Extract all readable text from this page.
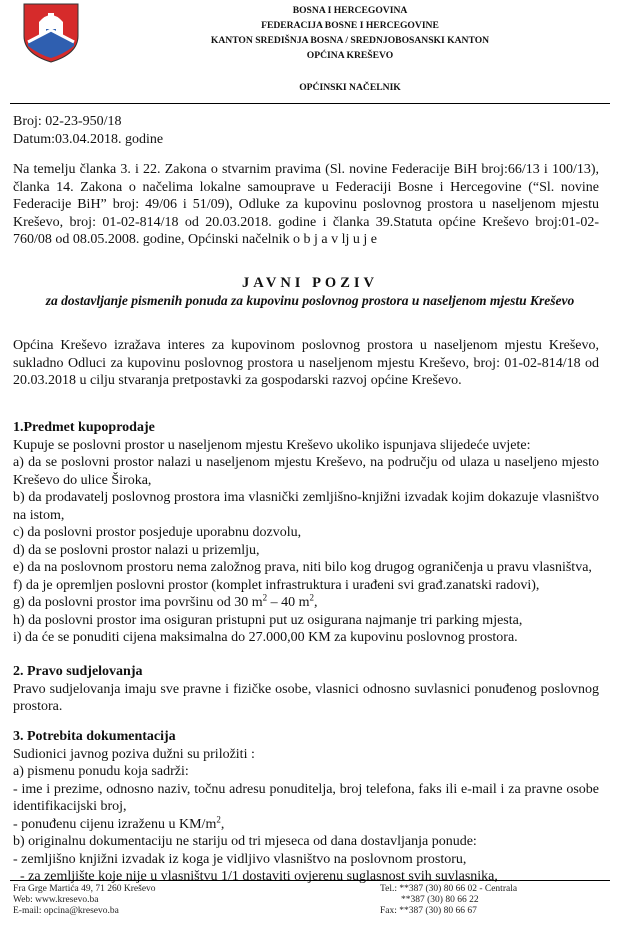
BOSNA I HERCEGOVINA
FEDERACIJA BOSNE I HERCEGOVINE
KANTON SREDIŠNJA BOSNA / SREDNJOBOSANSKI KANTON
OPĆINA KREŠEVO
OPĆINSKI NAČELNIK
Broj: 02-23-950/18
Datum:03.04.2018. godine
Na temelju članka 3. i 22. Zakona o stvarnim pravima (Sl. novine Federacije BiH broj:66/13 i 100/13), članka 14. Zakona o načelima lokalne samouprave u Federaciji Bosne i Hercegovine (“Sl. novine Federacije BiH” broj: 49/06 i 51/09), Odluke za kupovinu poslovnog prostora u naseljenom mjestu Kreševo, broj: 01-02-814/18 od 20.03.2018. godine i članka 39.Statuta općine Kreševo broj:01-02-760/08 od 08.05.2008. godine, Općinski načelnik o b j a v lj u j e
JAVNI POZIV
za dostavljanje pismenih ponuda za kupovinu poslovnog prostora u naseljenom mjestu Kreševo
Općina Kreševo izražava interes za kupovinom poslovnog prostora u naseljenom mjestu Kreševo, sukladno Odluci za kupovinu poslovnog prostora u naseljenom mjestu Kreševo, broj: 01-02-814/18 od 20.03.2018 u cilju stvaranja pretpostavki za gospodarski razvoj općine Kreševo.
1.Predmet kupoprodaje
Kupuje se poslovni prostor u naseljenom mjestu Kreševo ukoliko ispunjava slijedeće uvjete:
a) da se poslovni prostor nalazi u naseljenom mjestu Kreševo, na području od ulaza u naseljeno mjesto Kreševo do ulice Široka,
b) da prodavatelj poslovnog prostora ima vlasnički zemljišno-knjižni izvadak kojim dokazuje vlasništvo na istom,
c) da poslovni prostor posjeduje uporabnu dozvolu,
d) da se poslovni prostor nalazi u prizemlju,
e) da na poslovnom prostoru nema založnog prava, niti bilo kog drugog ograničenja u pravu vlasništva,
f) da je opremljen poslovni prostor (komplet infrastruktura i urađeni svi građ.zanatski radovi),
g) da poslovni prostor ima površinu od 30 $m^2 - 40$ $m^2$,
h) da poslovni prostor ima osiguran pristupni put uz osigurana najmanje tri parking mjesta,
i) da će se ponuditi cijena maksimalna do 27.000,00 KM za kupovinu poslovnog prostora.
2. Pravo sudjelovanja
Pravo sudjelovanja imaju sve pravne i fizičke osobe, vlasnici odnosno suvlasnici ponuđenog poslovnog prostora.
3. Potrebita dokumentacija
Sudionici javnog poziva dužni su priložiti :
a) pismenu ponudu koja sadrži:
- ime i prezime, odnosno naziv, točnu adresu ponuditelja, broj telefona, faks ili e-mail i za pravne osobe identifikacijski broj,
- ponuđenu cijenu izraženu u $KM/m^2$,
b) originalnu dokumentaciju ne stariju od tri mjeseca od dana dostavljanja ponude:
- zemljišno knjižni izvadak iz koga je vidljivo vlasništvo na poslovnom prostoru,
- za zemljište koje nije u vlasništvu 1/1 dostaviti ovjerenu suglasnost svih suvlasnika,
Fra Grge Martića 49, 71 260 Kreševo
Web: www.kresevo.ba
E-mail: opcina@kresevo.ba
Tel.: **387 (30) 80 66 02 - Centrala
**387 (30) 80 66 22
Fax: **387 (30) 80 66 67
